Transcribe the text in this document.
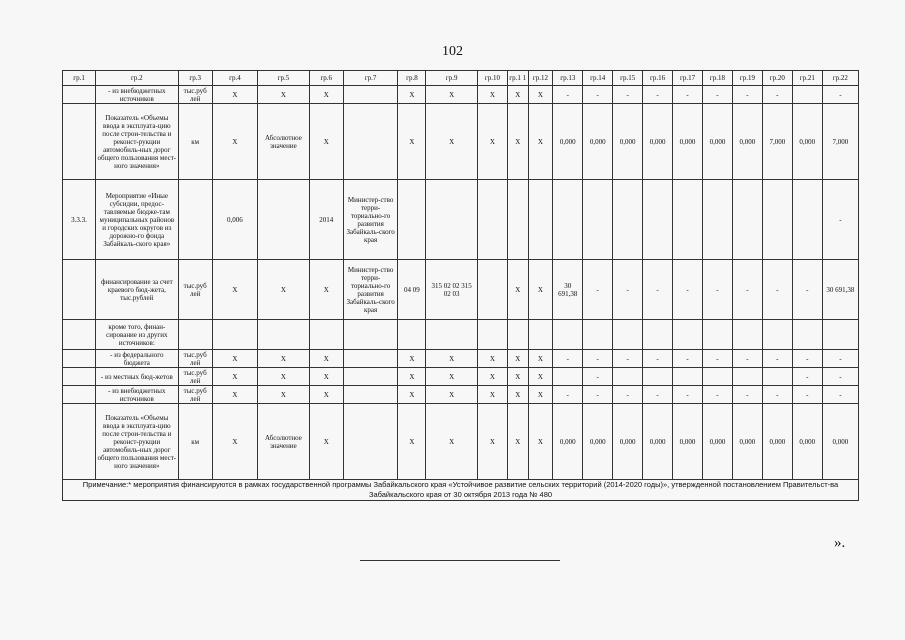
102
гр.1	гр.2	гр.3	гр.4	гр.5	гр.6	гр.7	гр.8	гр.9	гр.10	гр.1 1	гр.12	гр.13	гр.14	гр.15	гр.16	гр.17	гр.18	гр.19	гр.20	гр.21	гр.22
	- из внебюджетных источников	тыс.руб лей	X	X	X		X	X	X	X	X	-	-	-	-	-	-	-	-		-
	Показатель «Объемы ввода в эксплуата-цию после строи-тельства и реконст-рукции автомобиль-ных дорог общего пользования мест-ного значения»	км	X	Абсолютное значение	X		X	X	X	X	X	0,000	0,000	0,000	0,000	0,000	0,000	0,000	7,000	0,000	7,000
3.3.3.	Мероприятие «Иные субсидии, предос-тавляемые бюдже-там муниципальных районов и городских округов из дорожно-го фонда Забайкаль-ского края»		0,006		2014	Министер-ство терри-ториально-го развития Забайкаль-ского края															-
	финансирование за счет краевого бюд-жета, тыс.рублей	тыс.руб лей	X	X	X	Министер-ство терри-ториально-го развития Забайкаль-ского края	04 09	315 02 02 315 02 03		X	X	30 691,38	-	-	-	-	-	-	-	-	30 691,38
	кроме того, финан-сирование из других источников:																				
	- из федерального бюджета	тыс.руб лей	X	X	X		X	X	X	X	X	-	-	-	-	-	-	-	-	-	-
	- из местных бюд-жетов	тыс.руб лей	X	X	X		X	X	X	X	X		-							-	-
	- из внебюджетных источников	тыс.руб лей	X	X	X		X	X	X	X	X	-	-	-	-	-	-	-	-	-	-
	Показатель «Объемы ввода в эксплуата-цию после строи-тельства и реконст-рукции автомобиль-ных дорог общего пользования мест-ного значения»	км	X	Абсолютное значение	X		X	X	X	X	X	0,000	0,000	0,000	0,000	0,000	0,000	0,000	0,000	0,000	0,000
Примечание:* мероприятия финансируются в рамках государственной программы Забайкальского края «Устойчивое развитие сельских территорий (2014-2020 годы)», утвержденной постановлением Правительст-ва Забайкальского края от 30 октября 2013 года № 480																					
».
